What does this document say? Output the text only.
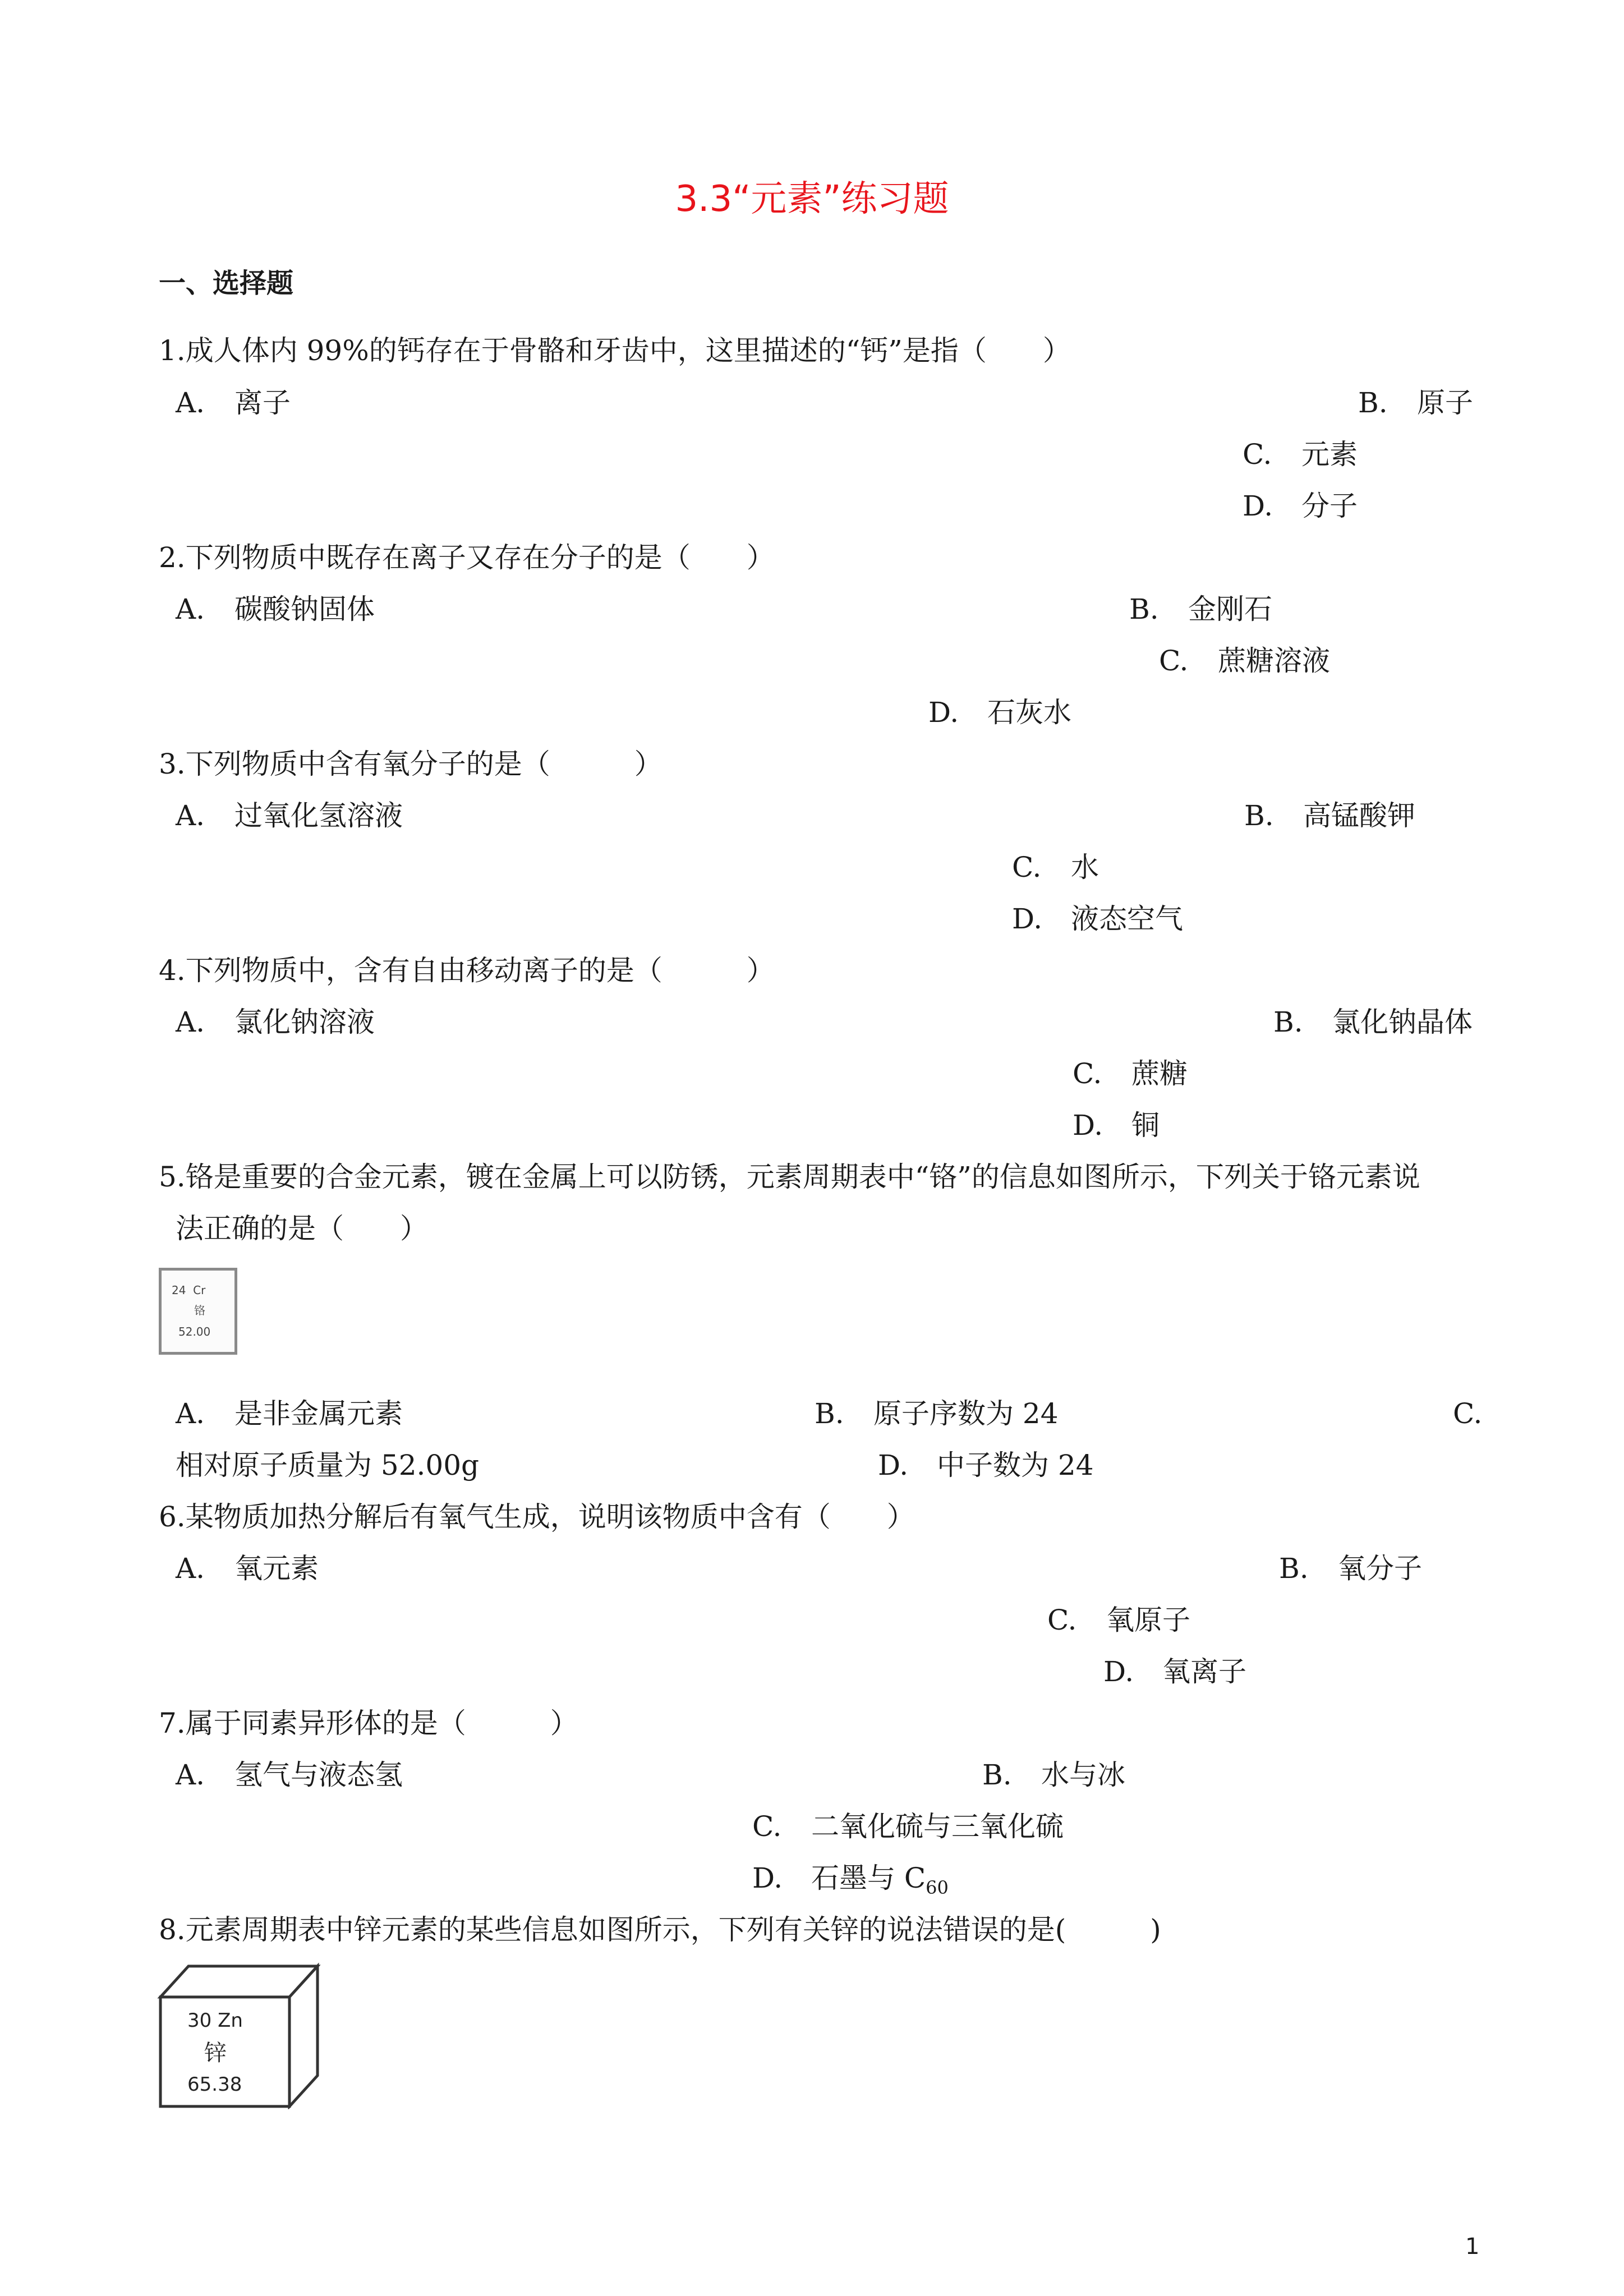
3.3“元素”练习题
一、选择题
1.成人体内 99%的钙存在于骨骼和牙齿中，这里描述的“钙”是指（　　）
A. 离子	B. 原子
C. 元素
D. 分子
2.下列物质中既存在离子又存在分子的是（　　）
A. 碳酸钠固体	B. 金刚石
C. 蔗糖溶液
D. 石灰水
3.下列物质中含有氧分子的是（　　　）
A. 过氧化氢溶液	B. 高锰酸钾
C. 水
D. 液态空气
4.下列物质中，含有自由移动离子的是（　　　）
A. 氯化钠溶液	B. 氯化钠晶体
C. 蔗糖
D. 铜
5.铬是重要的合金元素，镀在金属上可以防锈，元素周期表中“铬”的信息如图所示，下列关于铬元素说
法正确的是（　　）
24 Cr
铬
52.00
A. 是非金属元素	B. 原子序数为 24	C.
相对原子质量为 52.00g	D. 中子数为 24
6.某物质加热分解后有氧气生成，说明该物质中含有（　　）
A. 氧元素	B. 氧分子
C. 氧原子
D. 氧离子
7.属于同素异形体的是（　　　）
A. 氢气与液态氢	B. 水与冰
C. 二氧化硫与三氧化硫
D. 石墨与 $C_{60}$
8.元素周期表中锌元素的某些信息如图所示，下列有关锌的说法错误的是(　　　)
30 Zn
锌
65.38
1
